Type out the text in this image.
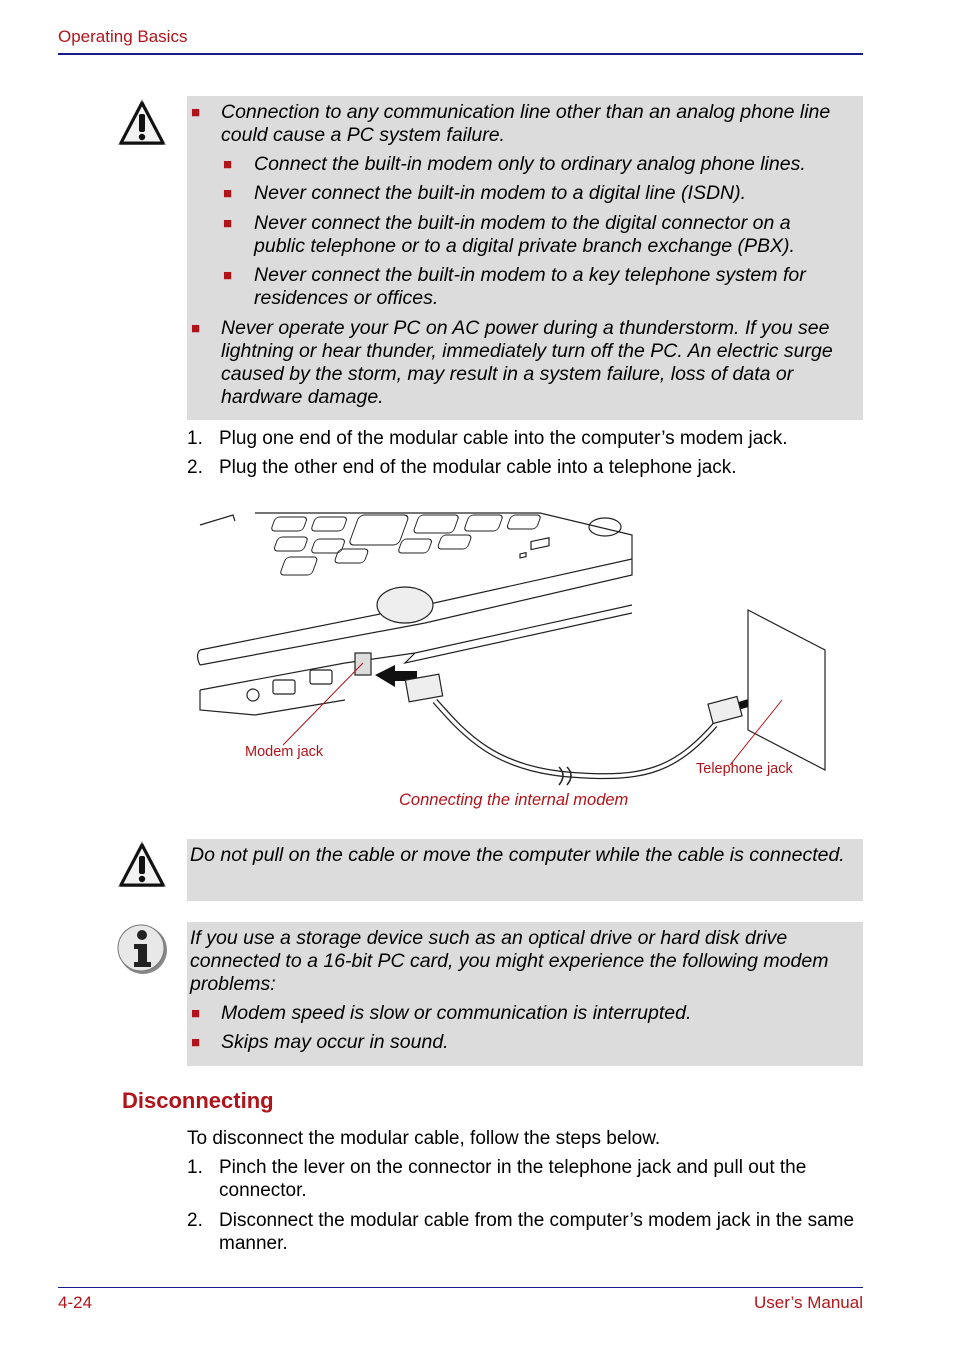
Operating Basics
■ Connection to any communication line other than an analog phone line could cause a PC system failure.
■ Connect the built-in modem only to ordinary analog phone lines.
■ Never connect the built-in modem to a digital line (ISDN).
■ Never connect the built-in modem to the digital connector on a public telephone or to a digital private branch exchange (PBX).
■ Never connect the built-in modem to a key telephone system for residences or offices.
■ Never operate your PC on AC power during a thunderstorm. If you see lightning or hear thunder, immediately turn off the PC. An electric surge caused by the storm, may result in a system failure, loss of data or hardware damage.
1. Plug one end of the modular cable into the computer’s modem jack.
2. Plug the other end of the modular cable into a telephone jack.
Modem jack
Telephone jack
Connecting the internal modem
Do not pull on the cable or move the computer while the cable is connected.
If you use a storage device such as an optical drive or hard disk drive connected to a 16-bit PC card, you might experience the following modem problems:
■ Modem speed is slow or communication is interrupted.
■ Skips may occur in sound.
Disconnecting
To disconnect the modular cable, follow the steps below.
1. Pinch the lever on the connector in the telephone jack and pull out the connector.
2. Disconnect the modular cable from the computer’s modem jack in the same manner.
4-24	User’s Manual
